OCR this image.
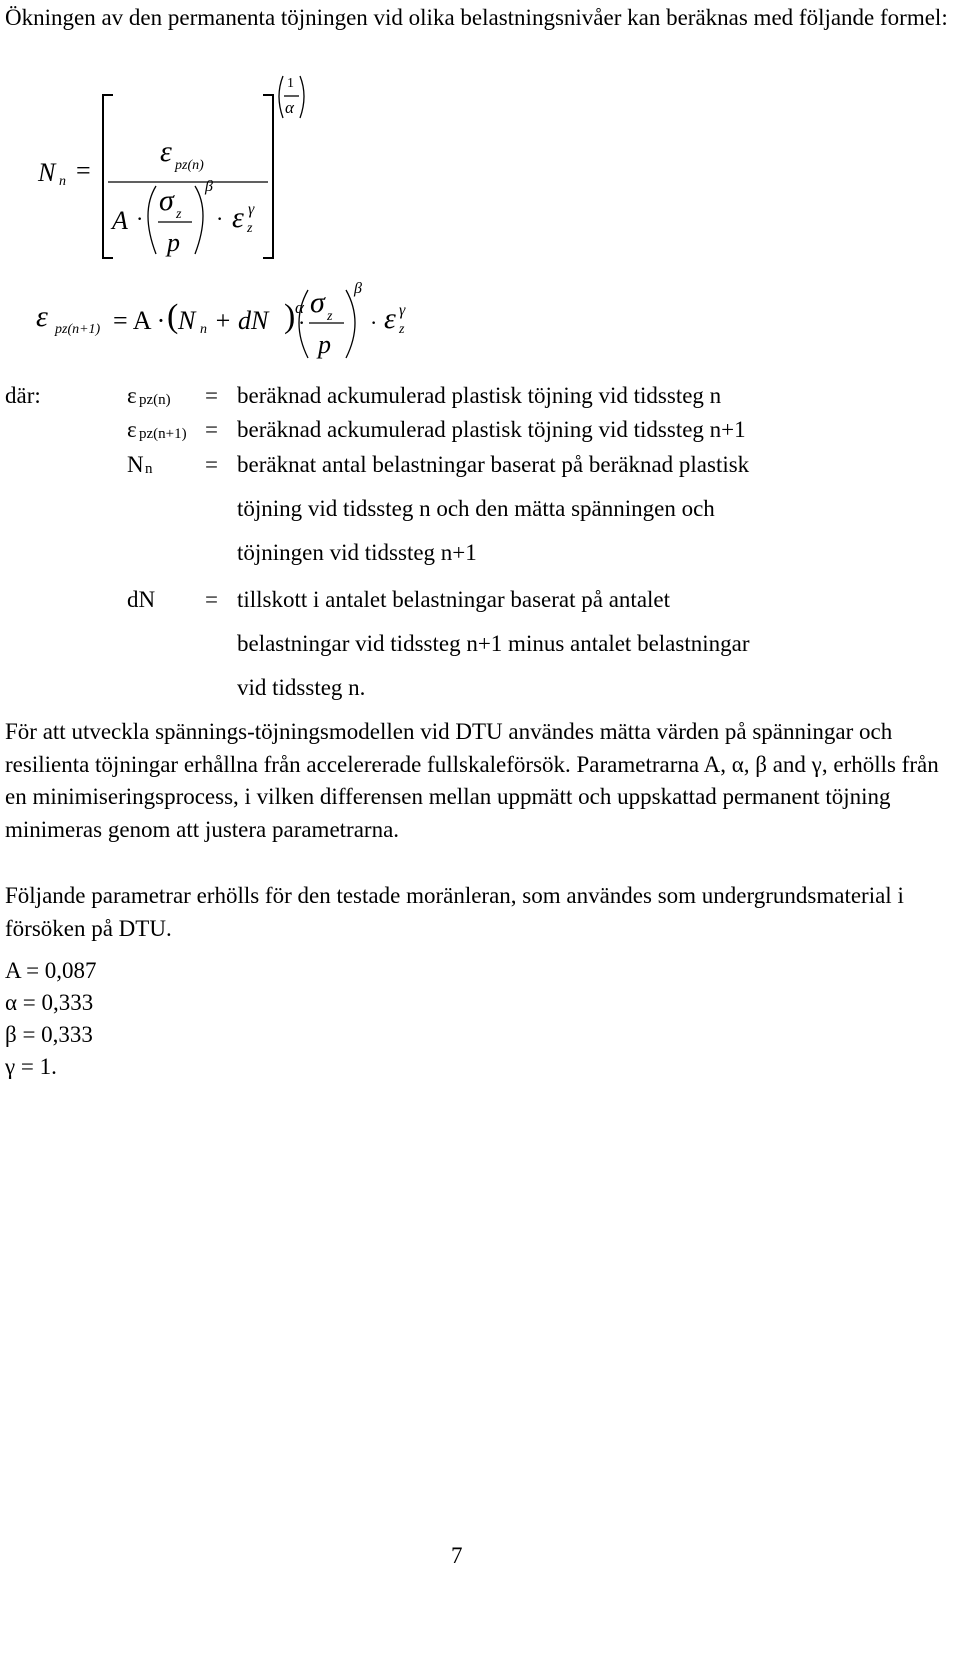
Ökningen av den permanenta töjningen vid olika belastningsnivåer kan beräknas med följande formel:
N n =
1
α
ε pz(n)
A ·
σ z
p
β
· ε z
γ
ε pz(n+1) = A · ( N n + dN ) α
·
σ z
p
β
· ε z
γ
där:	ε pz(n) = beräknad ackumulerad plastisk töjning vid tidssteg n
ε pz(n+1) = beräknad ackumulerad plastisk töjning vid tidssteg n+1
N n = beräknat antal belastningar baserat på beräknad plastisk
töjning vid tidssteg n och den mätta spänningen och
töjningen vid tidssteg n+1
dN = tillskott i antalet belastningar baserat på antalet
belastningar vid tidssteg n+1 minus antalet belastningar
vid tidssteg n.
För att utveckla spännings-töjningsmodellen vid DTU användes mätta värden på spänningar och resilienta töjningar erhållna från accelererade fullskaleförsök. Parametrarna A, α, β and γ, erhölls från en minimiseringsprocess, i vilken differensen mellan uppmätt och uppskattad permanent töjning minimeras genom att justera parametrarna.
Följande parametrar erhölls för den testade moränleran, som användes som undergrundsmaterial i försöken på DTU.
A = 0,087
α = 0,333
β = 0,333
γ = 1.
7
